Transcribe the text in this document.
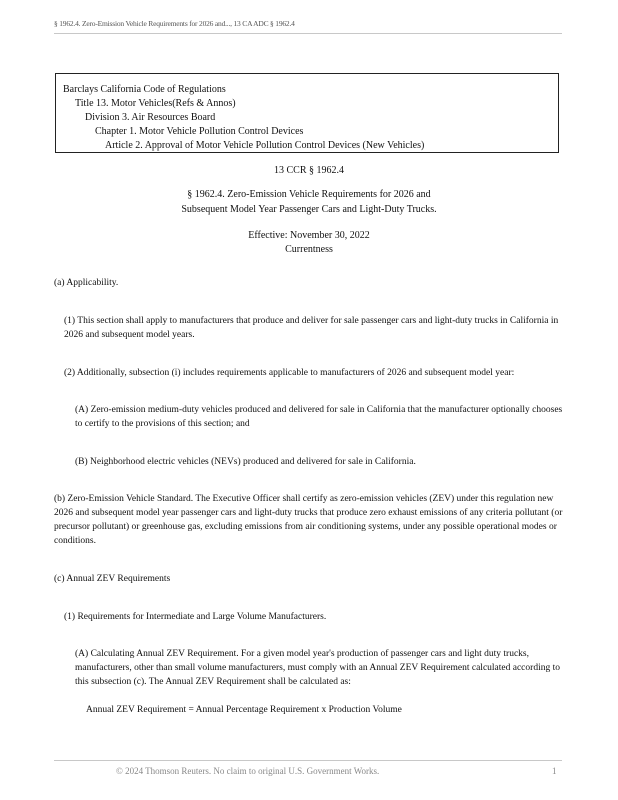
§ 1962.4. Zero-Emission Vehicle Requirements for 2026 and..., 13 CA ADC § 1962.4
Barclays California Code of Regulations
Title 13. Motor Vehicles(Refs & Annos)
Division 3. Air Resources Board
Chapter 1. Motor Vehicle Pollution Control Devices
Article 2. Approval of Motor Vehicle Pollution Control Devices (New Vehicles)
13 CCR § 1962.4
§ 1962.4. Zero-Emission Vehicle Requirements for 2026 and
Subsequent Model Year Passenger Cars and Light-Duty Trucks.
Effective: November 30, 2022
Currentness
(a) Applicability.
(1) This section shall apply to manufacturers that produce and deliver for sale passenger cars and light-duty trucks in California in 2026 and subsequent model years.
(2) Additionally, subsection (i) includes requirements applicable to manufacturers of 2026 and subsequent model year:
(A) Zero-emission medium-duty vehicles produced and delivered for sale in California that the manufacturer optionally chooses to certify to the provisions of this section; and
(B) Neighborhood electric vehicles (NEVs) produced and delivered for sale in California.
(b) Zero-Emission Vehicle Standard. The Executive Officer shall certify as zero-emission vehicles (ZEV) under this regulation new 2026 and subsequent model year passenger cars and light-duty trucks that produce zero exhaust emissions of any criteria pollutant (or precursor pollutant) or greenhouse gas, excluding emissions from air conditioning systems, under any possible operational modes or conditions.
(c) Annual ZEV Requirements
(1) Requirements for Intermediate and Large Volume Manufacturers.
(A) Calculating Annual ZEV Requirement. For a given model year's production of passenger cars and light duty trucks, manufacturers, other than small volume manufacturers, must comply with an Annual ZEV Requirement calculated according to this subsection (c). The Annual ZEV Requirement shall be calculated as:
Annual ZEV Requirement = Annual Percentage Requirement x Production Volume
© 2024 Thomson Reuters. No claim to original U.S. Government Works.	1
